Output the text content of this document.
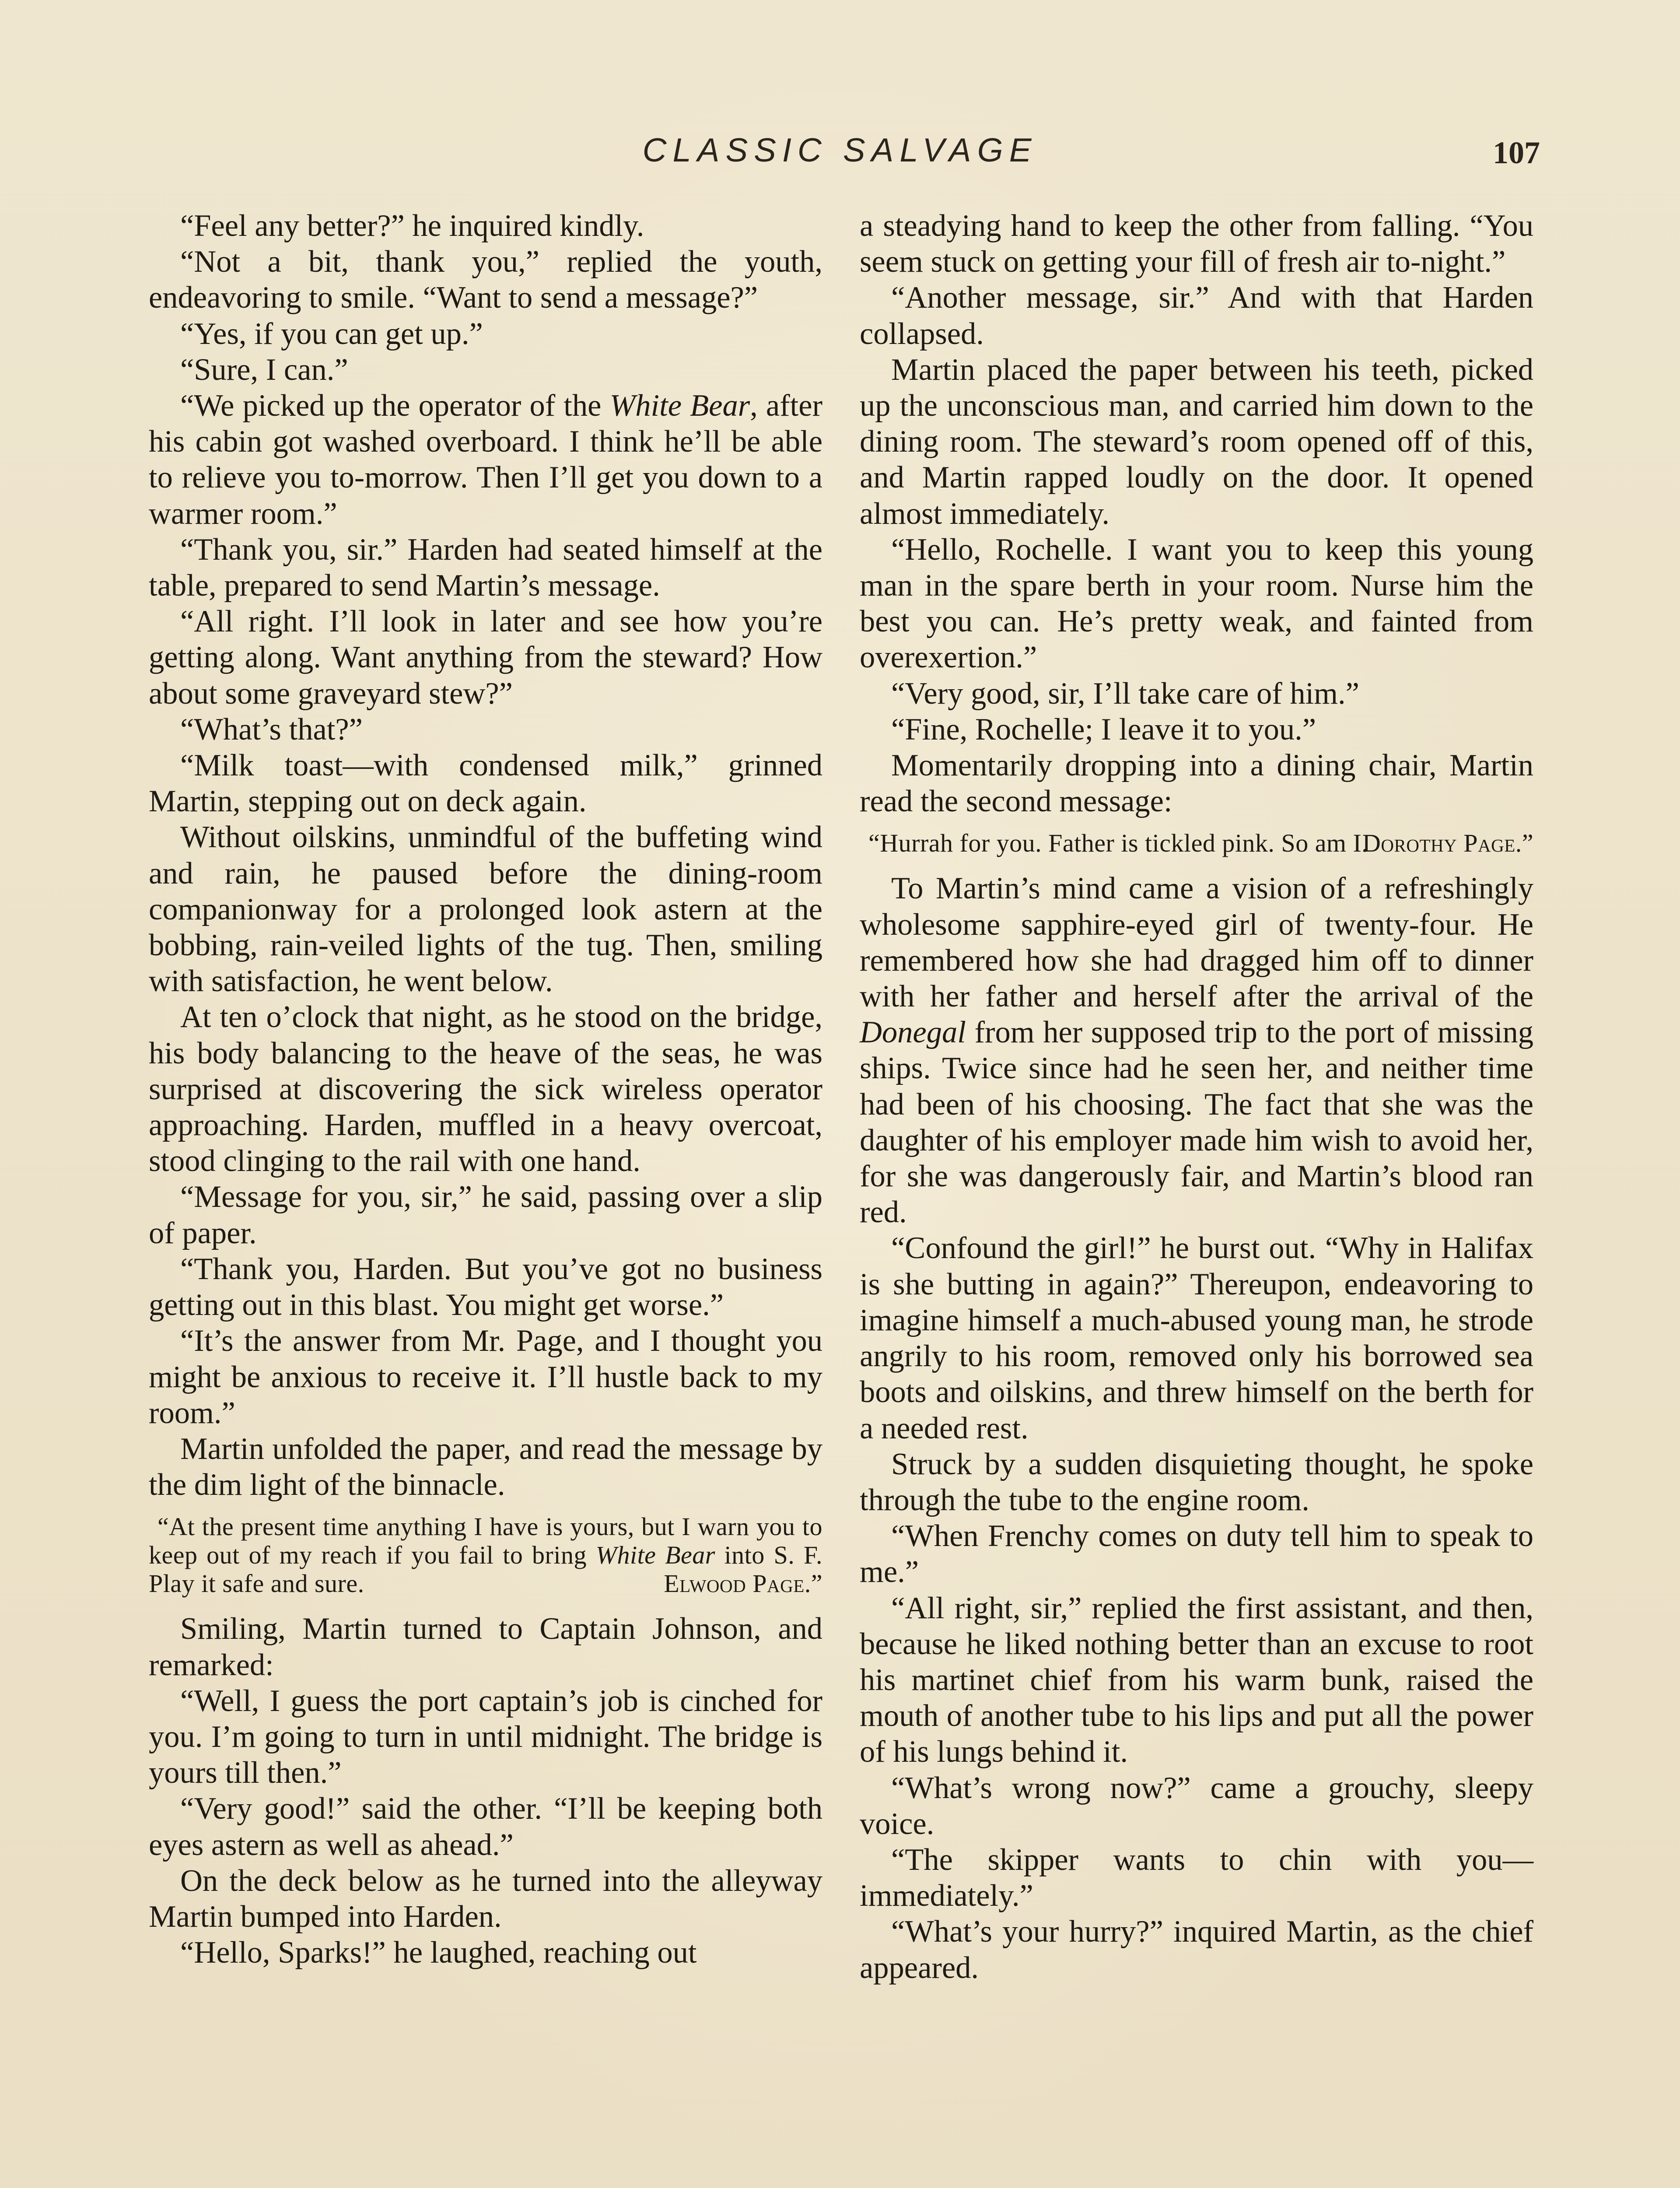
CLASSIC SALVAGE	107

“Feel any better?” he inquired kindly.

“Not a bit, thank you,” replied the youth, endeavoring to smile. “Want to send a message?”

“Yes, if you can get up.”

“Sure, I can.”

“We picked up the operator of the White Bear, after his cabin got washed overboard. I think he’ll be able to relieve you to-morrow. Then I’ll get you down to a warmer room.”

“Thank you, sir.” Harden had seated himself at the table, prepared to send Martin’s message.

“All right. I’ll look in later and see how you’re getting along. Want anything from the steward? How about some graveyard stew?”

“What’s that?”

“Milk toast—with condensed milk,” grinned Martin, stepping out on deck again.

Without oilskins, unmindful of the buffeting wind and rain, he paused before the dining-room companionway for a prolonged look astern at the bobbing, rain-veiled lights of the tug. Then, smiling with satisfaction, he went below.

At ten o’clock that night, as he stood on the bridge, his body balancing to the heave of the seas, he was surprised at discovering the sick wireless operator approaching. Harden, muffled in a heavy overcoat, stood clinging to the rail with one hand.

“Message for you, sir,” he said, passing over a slip of paper.

“Thank you, Harden. But you’ve got no business getting out in this blast. You might get worse.”

“It’s the answer from Mr. Page, and I thought you might be anxious to receive it. I’ll hustle back to my room.”

Martin unfolded the paper, and read the message by the dim light of the binnacle.

“At the present time anything I have is yours, but I warn you to keep out of my reach if you fail to bring White Bear into S. F. Play it safe and sure.	Elwood Page.”

Smiling, Martin turned to Captain Johnson, and remarked:

“Well, I guess the port captain’s job is cinched for you. I’m going to turn in until midnight. The bridge is yours till then.”

“Very good!” said the other. “I’ll be keeping both eyes astern as well as ahead.”

On the deck below as he turned into the alleyway Martin bumped into Harden.

“Hello, Sparks!” he laughed, reaching out

a steadying hand to keep the other from falling. “You seem stuck on getting your fill of fresh air to-night.”

“Another message, sir.” And with that Harden collapsed.

Martin placed the paper between his teeth, picked up the unconscious man, and carried him down to the dining room. The steward’s room opened off of this, and Martin rapped loudly on the door. It opened almost immediately.

“Hello, Rochelle. I want you to keep this young man in the spare berth in your room. Nurse him the best you can. He’s pretty weak, and fainted from overexertion.”

“Very good, sir, I’ll take care of him.”

“Fine, Rochelle; I leave it to you.”

Momentarily dropping into a dining chair, Martin read the second message:

“Hurrah for you. Father is tickled pink. So am I.
Dorothy Page.”

To Martin’s mind came a vision of a refreshingly wholesome sapphire-eyed girl of twenty-four. He remembered how she had dragged him off to dinner with her father and herself after the arrival of the Donegal from her supposed trip to the port of missing ships. Twice since had he seen her, and neither time had been of his choosing. The fact that she was the daughter of his employer made him wish to avoid her, for she was dangerously fair, and Martin’s blood ran red.

“Confound the girl!” he burst out. “Why in Halifax is she butting in again?” Thereupon, endeavoring to imagine himself a much-abused young man, he strode angrily to his room, removed only his borrowed sea boots and oilskins, and threw himself on the berth for a needed rest.

Struck by a sudden disquieting thought, he spoke through the tube to the engine room.

“When Frenchy comes on duty tell him to speak to me.”

“All right, sir,” replied the first assistant, and then, because he liked nothing better than an excuse to root his martinet chief from his warm bunk, raised the mouth of another tube to his lips and put all the power of his lungs behind it.

“What’s wrong now?” came a grouchy, sleepy voice.

“The skipper wants to chin with you—immediately.”

“What’s your hurry?” inquired Martin, as the chief appeared.
